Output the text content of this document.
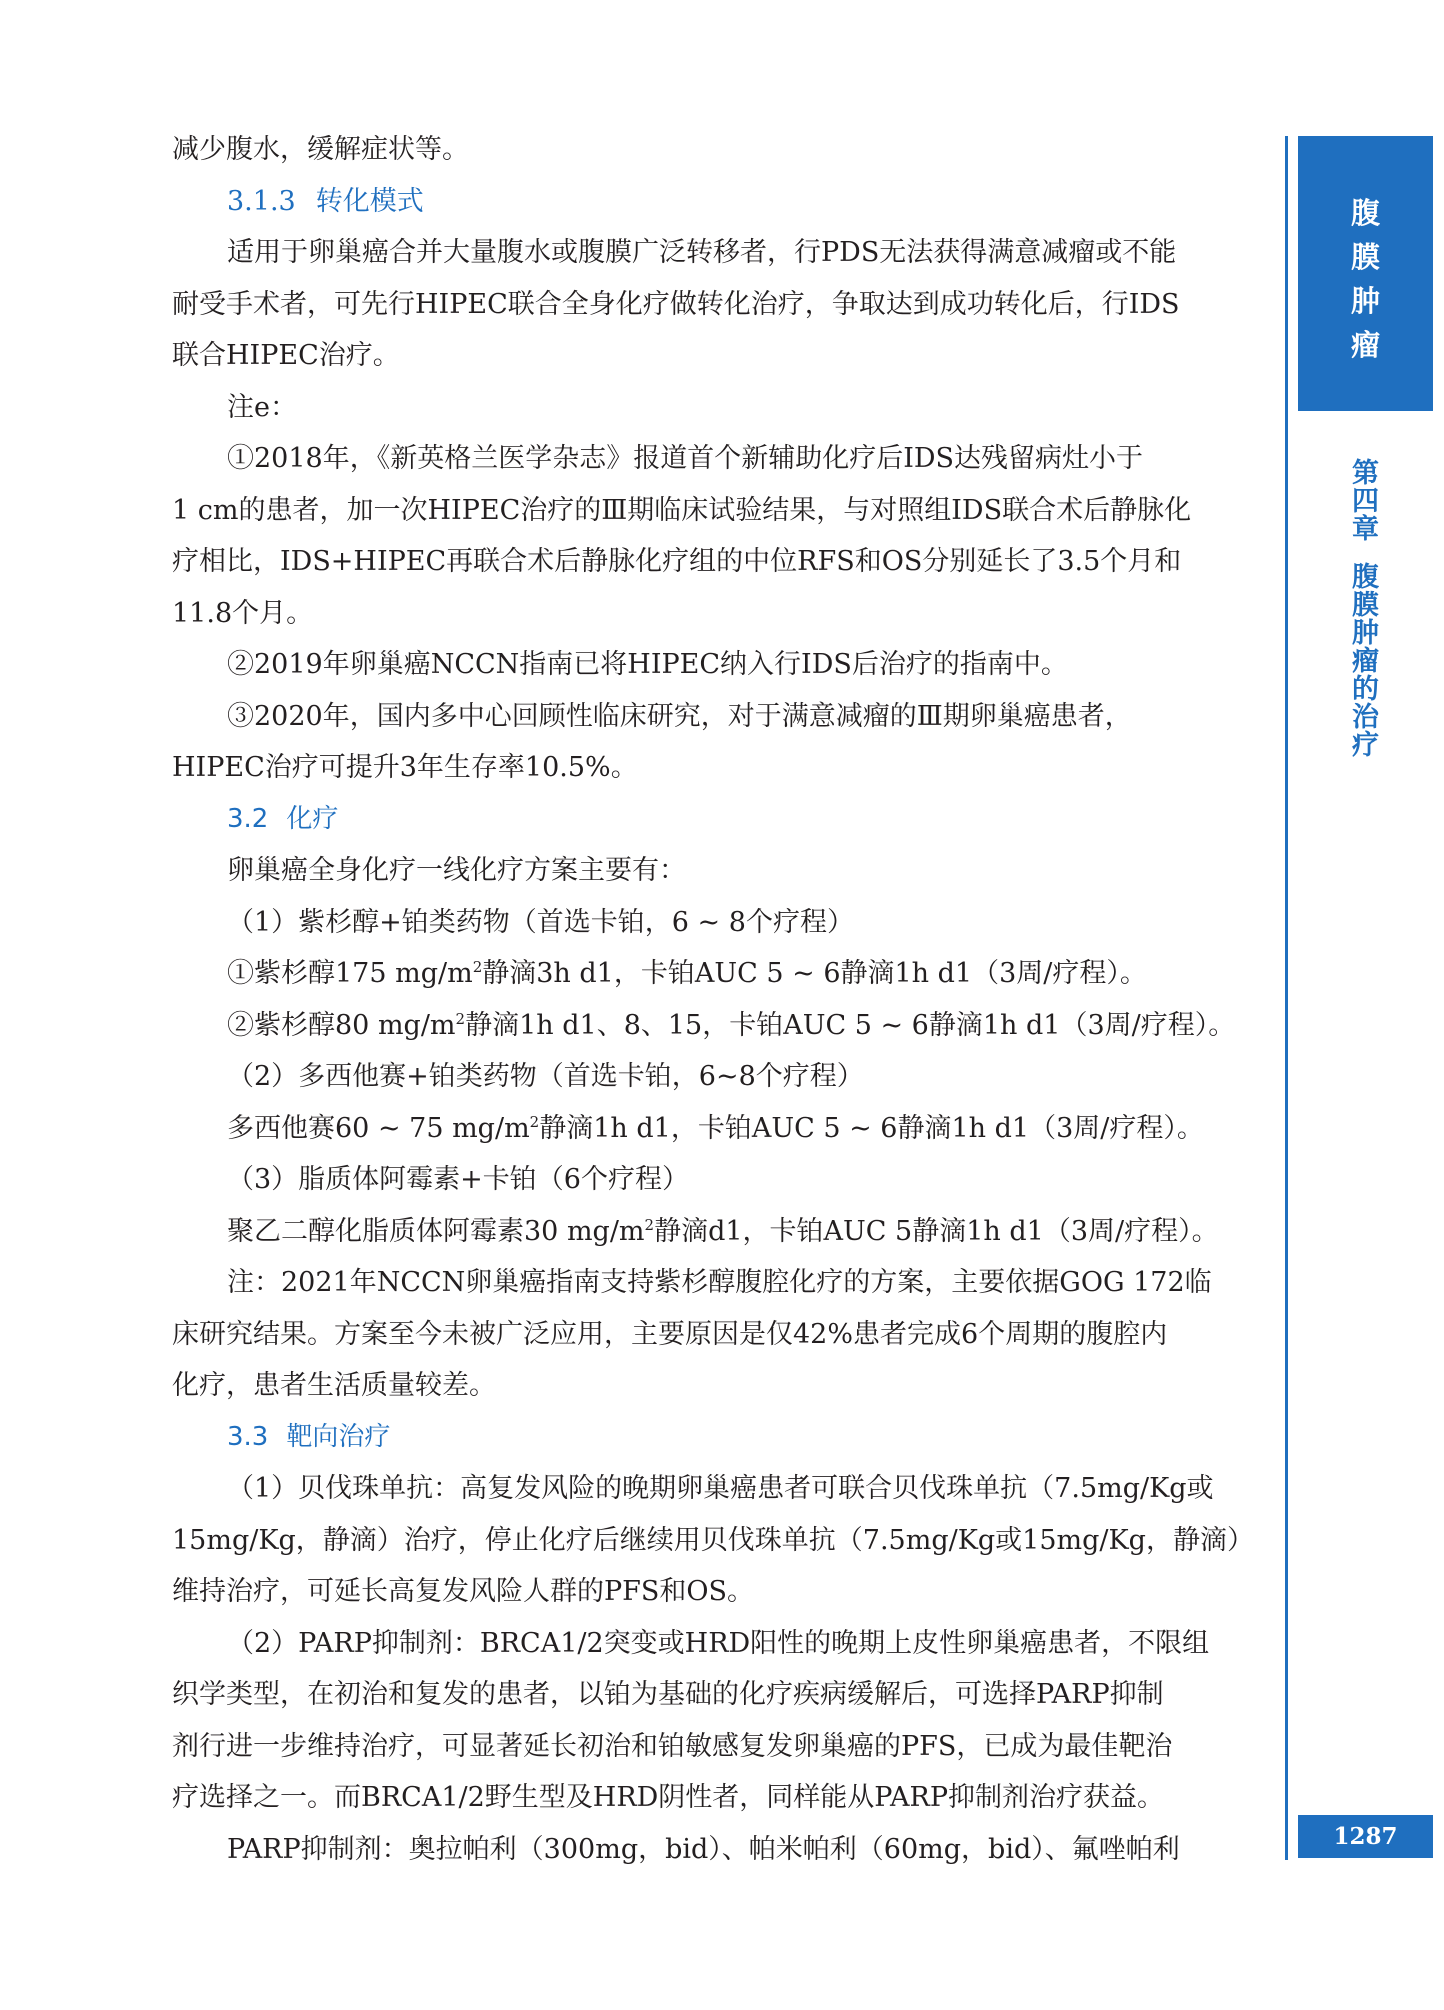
减少腹水，缓解症状等。
3.1.3 转化模式
适用于卵巢癌合并大量腹水或腹膜广泛转移者，行PDS无法获得满意减瘤或不能
耐受手术者，可先行HIPEC联合全身化疗做转化治疗，争取达到成功转化后，行IDS
联合HIPEC治疗。
注e：
①2018年，《新英格兰医学杂志》报道首个新辅助化疗后IDS达残留病灶小于
1 cm的患者，加一次HIPEC治疗的Ⅲ期临床试验结果，与对照组IDS联合术后静脉化
疗相比，IDS+HIPEC再联合术后静脉化疗组的中位RFS和OS分别延长了3.5个月和
11.8个月。
②2019年卵巢癌NCCN指南已将HIPEC纳入行IDS后治疗的指南中。
③2020年，国内多中心回顾性临床研究，对于满意减瘤的Ⅲ期卵巢癌患者，
HIPEC治疗可提升3年生存率10.5%。
3.2 化疗
卵巢癌全身化疗一线化疗方案主要有：
（1）紫杉醇+铂类药物（首选卡铂，6 ~ 8个疗程）
①紫杉醇175 $mg/m^2$静滴3h d1，卡铂AUC 5 ~ 6静滴1h d1（3周/疗程）。
②紫杉醇80 $mg/m^2$静滴1h d1、8、15，卡铂AUC 5 ~ 6静滴1h d1（3周/疗程）。
（2）多西他赛+铂类药物（首选卡铂，6~8个疗程）
多西他赛60 ~ 75 $mg/m^2$静滴1h d1，卡铂AUC 5 ~ 6静滴1h d1（3周/疗程）。
（3）脂质体阿霉素+卡铂（6个疗程）
聚乙二醇化脂质体阿霉素30 $mg/m^2$静滴d1，卡铂AUC 5静滴1h d1（3周/疗程）。
注：2021年NCCN卵巢癌指南支持紫杉醇腹腔化疗的方案，主要依据GOG 172临
床研究结果。方案至今未被广泛应用，主要原因是仅42%患者完成6个周期的腹腔内
化疗，患者生活质量较差。
3.3 靶向治疗
（1）贝伐珠单抗：高复发风险的晚期卵巢癌患者可联合贝伐珠单抗（7.5mg/Kg或
15mg/Kg，静滴）治疗，停止化疗后继续用贝伐珠单抗（7.5mg/Kg或15mg/Kg，静滴）
维持治疗，可延长高复发风险人群的PFS和OS。
（2）PARP抑制剂：BRCA1/2突变或HRD阳性的晚期上皮性卵巢癌患者，不限组
织学类型，在初治和复发的患者，以铂为基础的化疗疾病缓解后，可选择PARP抑制
剂行进一步维持治疗，可显著延长初治和铂敏感复发卵巢癌的PFS，已成为最佳靶治
疗选择之一。而BRCA1/2野生型及HRD阴性者，同样能从PARP抑制剂治疗获益。
PARP抑制剂：奥拉帕利（300mg，bid）、帕米帕利（60mg，bid）、氟唑帕利
腹
膜
肿
瘤
第
四
章
腹
膜
肿
瘤
的
治
疗
1287
